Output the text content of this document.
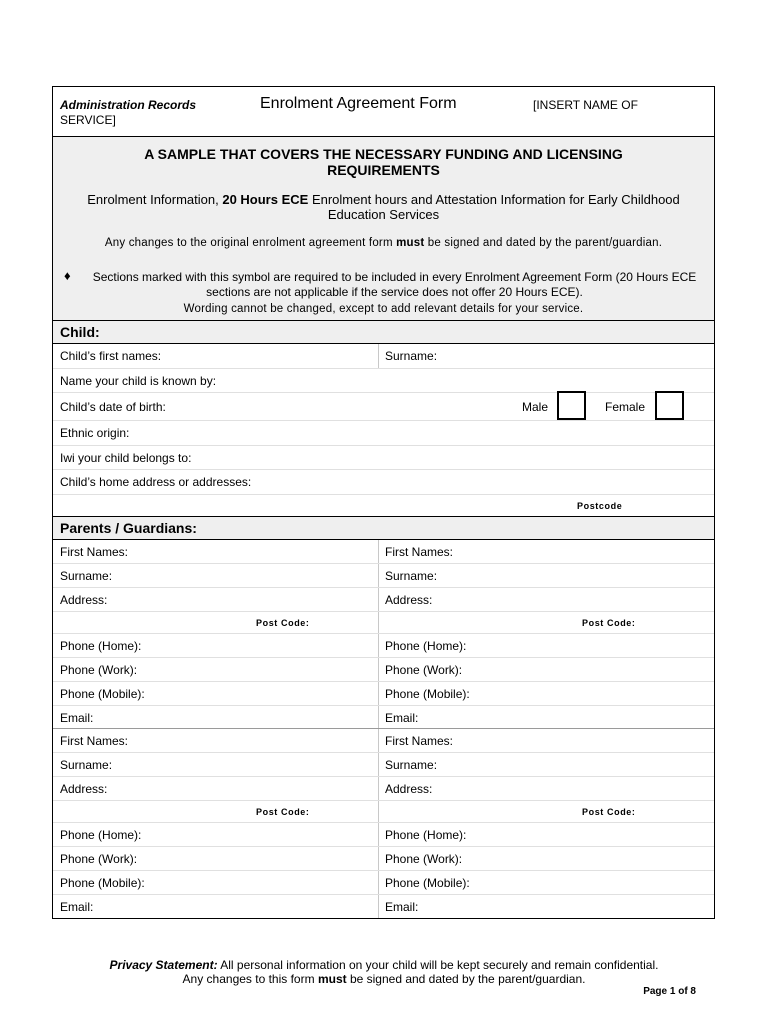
Administration Records	Enrolment Agreement Form	[INSERT NAME OF
SERVICE]
A SAMPLE THAT COVERS THE NECESSARY FUNDING AND LICENSING REQUIREMENTS
Enrolment Information, 20 Hours ECE Enrolment hours and Attestation Information for Early Childhood Education Services
Any changes to the original enrolment agreement form must be signed and dated by the parent/guardian.
♦	Sections marked with this symbol are required to be included in every Enrolment Agreement Form (20 Hours ECE sections are not applicable if the service does not offer 20 Hours ECE).
Wording cannot be changed, except to add relevant details for your service.
Child:
Child’s first names:	Surname:
Name your child is known by:
Child’s date of birth:	Male	Female
Ethnic origin:
Iwi your child belongs to:
Child’s home address or addresses:
Postcode
Parents / Guardians:
First Names:	First Names:
Surname:	Surname:
Address:	Address:
Post Code:	Post Code:
Phone (Home):	Phone (Home):
Phone (Work):	Phone (Work):
Phone (Mobile):	Phone (Mobile):
Email:	Email:
First Names:	First Names:
Surname:	Surname:
Address:	Address:
Post Code:	Post Code:
Phone (Home):	Phone (Home):
Phone (Work):	Phone (Work):
Phone (Mobile):	Phone (Mobile):
Email:	Email:
Privacy Statement: All personal information on your child will be kept securely and remain confidential.
Any changes to this form must be signed and dated by the parent/guardian.
Page 1 of 8
